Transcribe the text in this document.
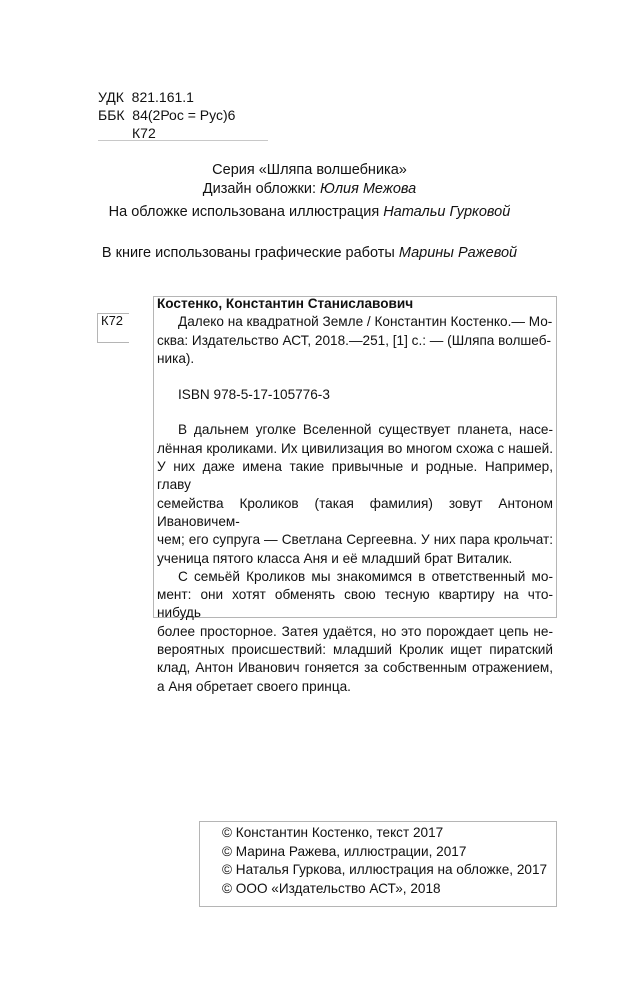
УДК  821.161.1
ББК  84(2Рос = Рус)6
К72
Серия «Шляпа волшебника»
Дизайн обложки: Юлия Межова
На обложке использована иллюстрация Натальи Гурковой
В книге использованы графические работы Марины Ражевой
К72
Костенко, Константин Станиславович
Далеко на квадратной Земле / Константин Костенко.— Мо-
сква: Издательство АСТ, 2018.—251, [1] с.: — (Шляпа волшеб-
ника).
ISBN 978-5-17-105776-3
В дальнем уголке Вселенной существует планета, насе-
лённая кроликами. Их цивилизация во многом схожа с нашей.
У них даже имена такие привычные и родные. Например, главу
семейства Кроликов (такая фамилия) зовут Антоном Ивановичем-
чем; его супруга — Светлана Сергеевна. У них пара крольчат:
ученица пятого класса Аня и её младший брат Виталик.
С семьёй Кроликов мы знакомимся в ответственный мо-
мент: они хотят обменять свою тесную квартиру на что-нибудь
более просторное. Затея удаётся, но это порождает цепь не-
вероятных происшествий: младший Кролик ищет пиратский
клад, Антон Иванович гоняется за собственным отражением,
а Аня обретает своего принца.
© Константин Костенко, текст 2017
© Марина Ражева, иллюстрации, 2017
© Наталья Гуркова, иллюстрация на обложке, 2017
© ООО «Издательство АСТ», 2018
